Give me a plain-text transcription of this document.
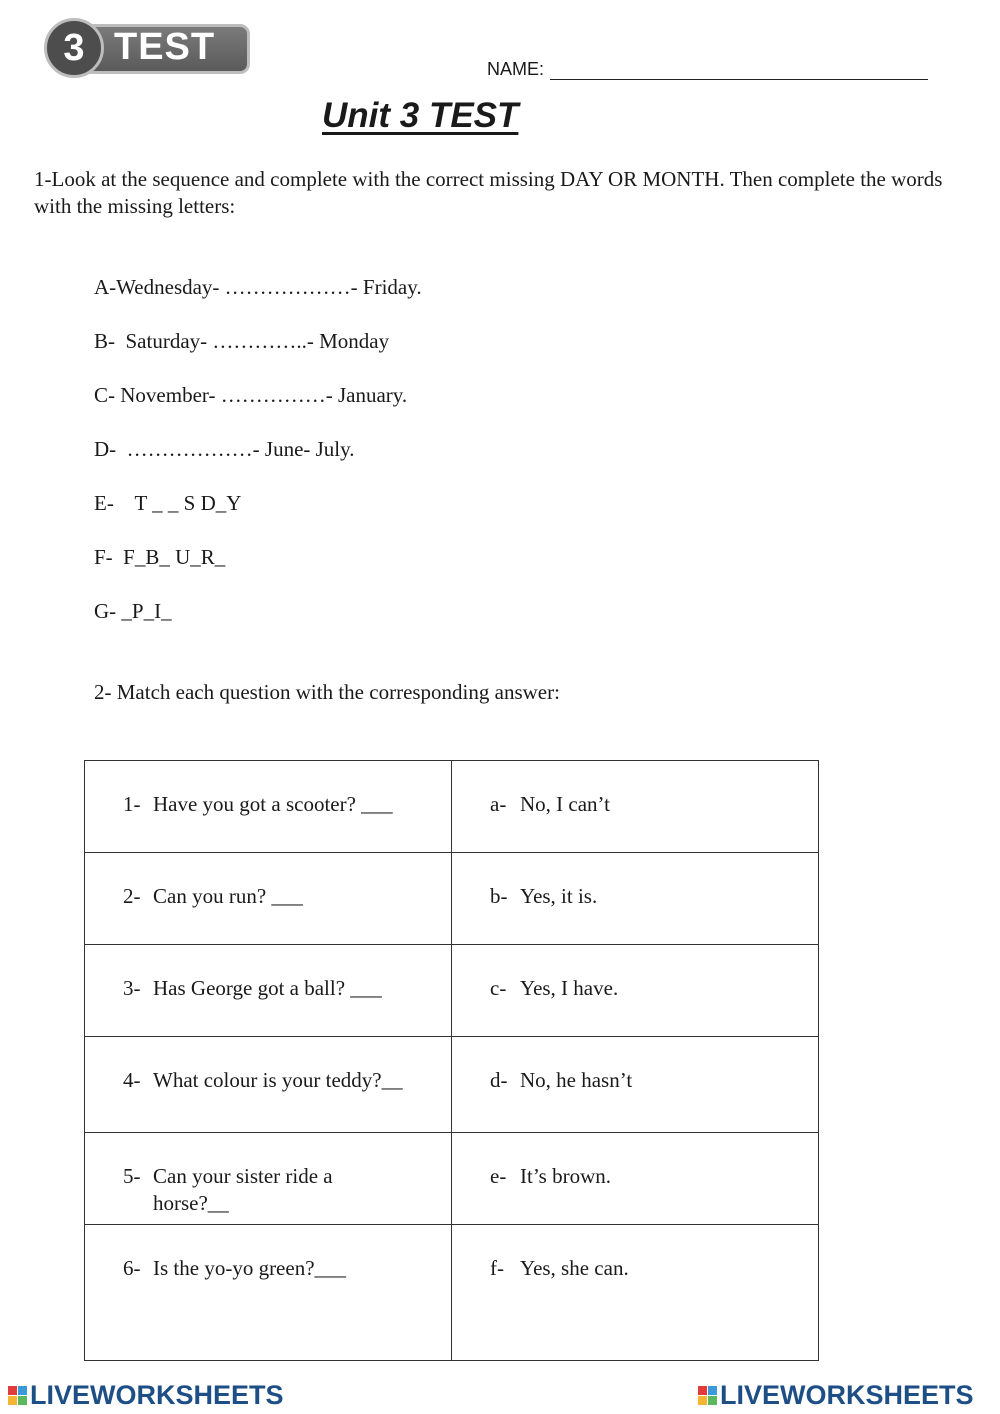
TEST
3	NAME:
Unit 3 TEST
1-Look at the sequence and complete with the correct missing DAY OR MONTH. Then complete the words with the missing letters:
A-Wednesday- ………………- Friday.
B-  Saturday- …………..- Monday
C- November- ……………- January.
D-  ………………- June- July.
E-    T _ _ S D_Y
F-  F_B_ U_R_
G- _P_I_
2- Match each question with the corresponding answer:
1- Have you got a scooter? ___	a- No, I can’t

2- Can you run? ___	b- Yes, it is.

3- Has George got a ball? ___	c- Yes, I have.

4- What colour is your teddy?__	d- No, he hasn’t

5- Can your sister ride a horse?__	e- It’s brown.

6- Is the yo-yo green?___	f- Yes, she can.
LIVEWORKSHEETS	LIVEWORKSHEETS
